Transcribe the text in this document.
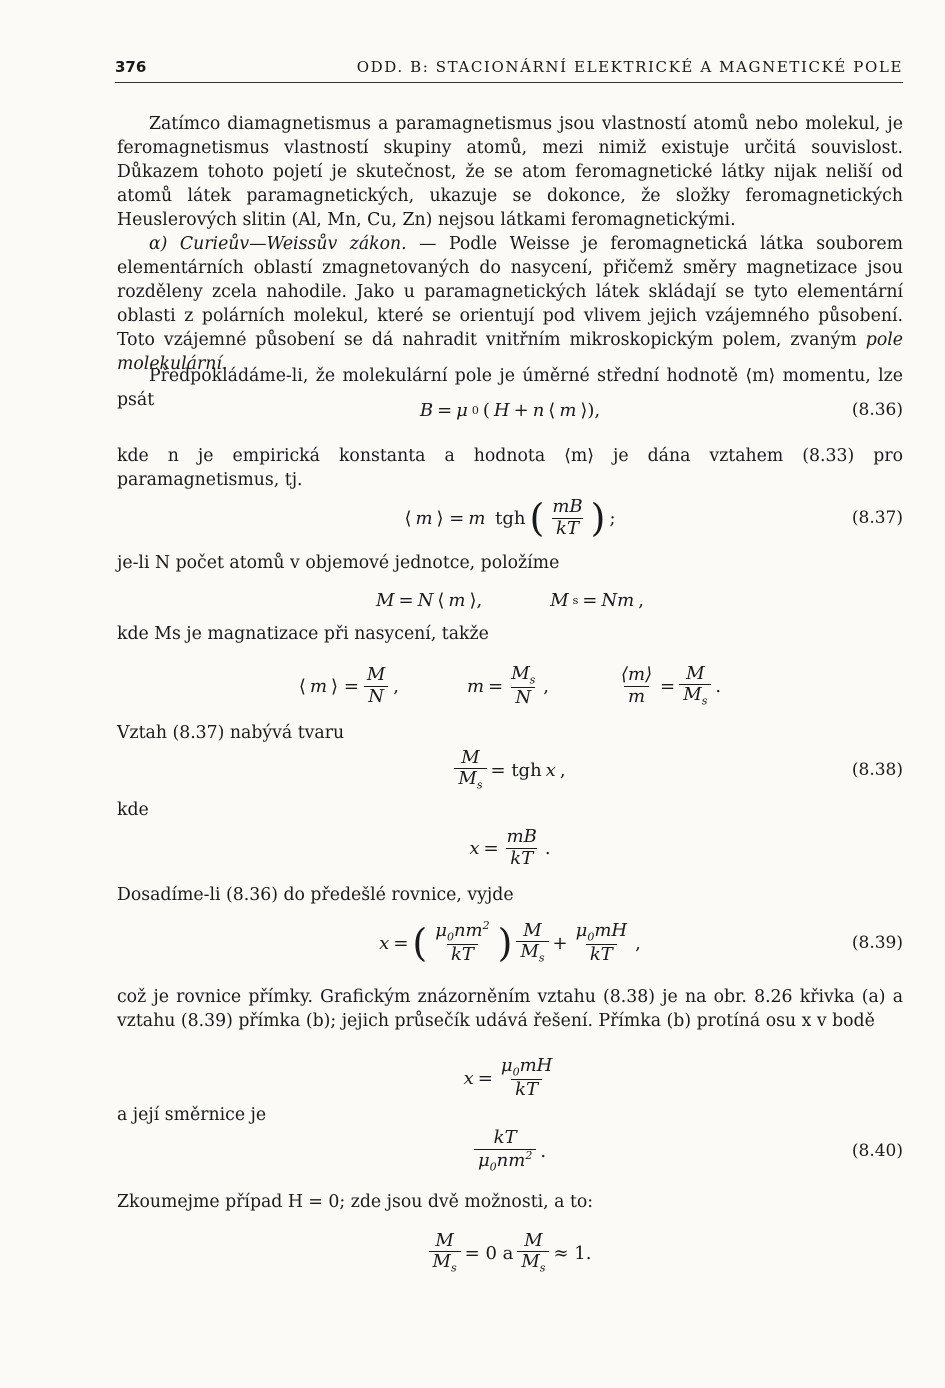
376	ODD. B: STACIONÁRNÍ ELEKTRICKÉ A MAGNETICKÉ POLE
Zatímco diamagnetismus a paramagnetismus jsou vlastností atomů nebo molekul, je feromagnetismus vlastností skupiny atomů, mezi nimiž existuje určitá souvislost. Důkazem tohoto pojetí je skutečnost, že se atom feromagnetické látky nijak neliší od atomů látek paramagnetických, ukazuje se dokonce, že složky feromagnetických Heuslerových slitin (Al, Mn, Cu, Zn) nejsou látkami feromagnetickými.
α) Curieův—Weissův zákon. — Podle Weisse je feromagnetická látka souborem elementárních oblastí zmagnetovaných do nasycení, přičemž směry magnetizace jsou rozděleny zcela nahodile. Jako u paramagnetických látek skládají se tyto elementární oblasti z polárních molekul, které se orientují pod vlivem jejich vzájemného působení. Toto vzájemné působení se dá nahradit vnitřním mikroskopickým polem, zvaným pole molekulární.
Předpokládáme-li, že molekulární pole je úměrné střední hodnotě ⟨m⟩ momentu, lze psát	B = μ 0 ( H + n ⟨ m ⟩),	(8.36)
kde n je empirická konstanta a hodnota ⟨m⟩ je dána vztahem (8.33) pro paramagnetismus, tj.
⟨ m ⟩ = m tgh ( $\frac{mB}{kT}$ ) ;	(8.37)
je-li N počet atomů v objemové jednotce, položíme
M = N ⟨ m ⟩,	M s = Nm ,
kde Ms je magnatizace při nasycení, takže
⟨ m ⟩ = $\frac{M}{N}$ ,	$m = \frac{M_s}{N}$ ,	$\frac{⟨m⟩}{m} = \frac{M}{M_s}$ .
Vztah (8.37) nabývá tvaru
$\frac{M}{M_s}$ = tgh x ,	(8.38)
kde
$x = \frac{mB}{kT}$ .
Dosadíme-li (8.36) do předešlé rovnice, vyjde
x = ( $\frac{\mu_0nm^2}{kT}$ ) $\frac{M}{M_s} + \frac{\mu_0mH}{kT}$ ,	(8.39)
což je rovnice přímky. Grafickým znázorněním vztahu (8.38) je na obr. 8.26 křivka (a) a vztahu (8.39) přímka (b); jejich průsečík udává řešení. Přímka (b) protíná osu x v bodě
$x = \frac{\mu_0mH}{kT}$
a její směrnice je
$\frac{kT}{\mu_0nm^2}$ .	(8.40)
Zkoumejme případ H = 0; zde jsou dvě možnosti, a to:
$\frac{M}{M_s} = 0$ a $\frac{M}{M_s} \approx 1$.
